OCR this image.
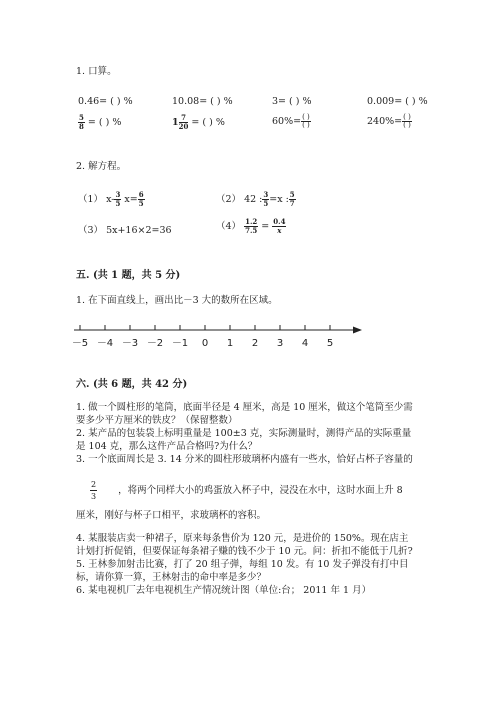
1. 口算。
0.46= ( ) %	10.08= ( ) %	3= ( ) %	0.009= ( ) %
$\frac{5}{8}$ = ( ) %	$1 \frac{7}{20}$ = ( ) %	$60\%= \frac{( )}{( )}$	$240\%= \frac{( )}{( )}$
2. 解方程。
（1） $x- \frac{3}{5} x= \frac{6}{5}$	（2） 42 : $\frac{3}{5} =x$ : $\frac{5}{7}$
（3） 5x+16×2=36	$(4) \frac{1.2}{7.5} = \frac{0.4}{x}$
五. (共 1 题，共 5 分)
1. 在下面直线上，画出比－3 大的数所在区域。
－5 －4 －3 －2 －1 0 1 2 3 4 5
六. (共 6 题，共 42 分)
1. 做一个圆柱形的笔筒，底面半径是 4 厘米，高是 10 厘米，做这个笔筒至少需
要多少平方厘米的铁皮？（保留整数）
2. 某产品的包装袋上标明重量是 100±3 克，实际测量时，测得产品的实际重量
是 104 克，那么这件产品合格吗?为什么？
3. 一个底面周长是 3. 14 分米的圆柱形玻璃杯内盛有一些水，恰好占杯子容量的
$\frac{2}{3}$ ，将两个同样大小的鸡蛋放入杯子中，浸没在水中，这时水面上升 8
厘米，刚好与杯子口相平，求玻璃杯的容积。
4. 某服装店卖一种裙子，原来每条售价为 120 元，是进价的 150%。现在店主
计划打折促销，但要保证每条裙子赚的钱不少于 10 元。问：折扣不能低于几折?
5. 王林参加射击比赛，打了 20 组子弹，每组 10 发。有 10 发子弹没有打中目
标，请你算一算，王林射击的命中率是多少？
6. 某电视机厂去年电视机生产情况统计图（单位:台； 2011 年 1 月）
